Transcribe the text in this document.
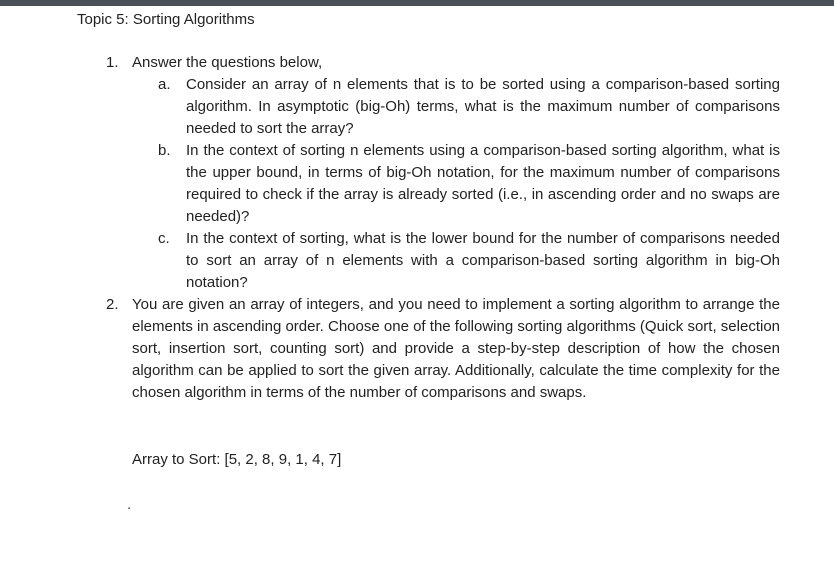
Topic 5: Sorting Algorithms
1. Answer the questions below,
a.	Consider an array of n elements that is to be sorted using a comparison-based sorting algorithm. In asymptotic (big-Oh) terms, what is the maximum number of comparisons needed to sort the array?
b.	In the context of sorting n elements using a comparison-based sorting algorithm, what is the upper bound, in terms of big-Oh notation, for the maximum number of comparisons required to check if the array is already sorted (i.e., in ascending order and no swaps are needed)?
c.	In the context of sorting, what is the lower bound for the number of comparisons needed to sort an array of n elements with a comparison-based sorting algorithm in big-Oh notation?
2. You are given an array of integers, and you need to implement a sorting algorithm to arrange the elements in ascending order. Choose one of the following sorting algorithms (Quick sort, selection sort, insertion sort, counting sort) and provide a step-by-step description of how the chosen algorithm can be applied to sort the given array. Additionally, calculate the time complexity for the chosen algorithm in terms of the number of comparisons and swaps.
Array to Sort: [5, 2, 8, 9, 1, 4, 7]
.
